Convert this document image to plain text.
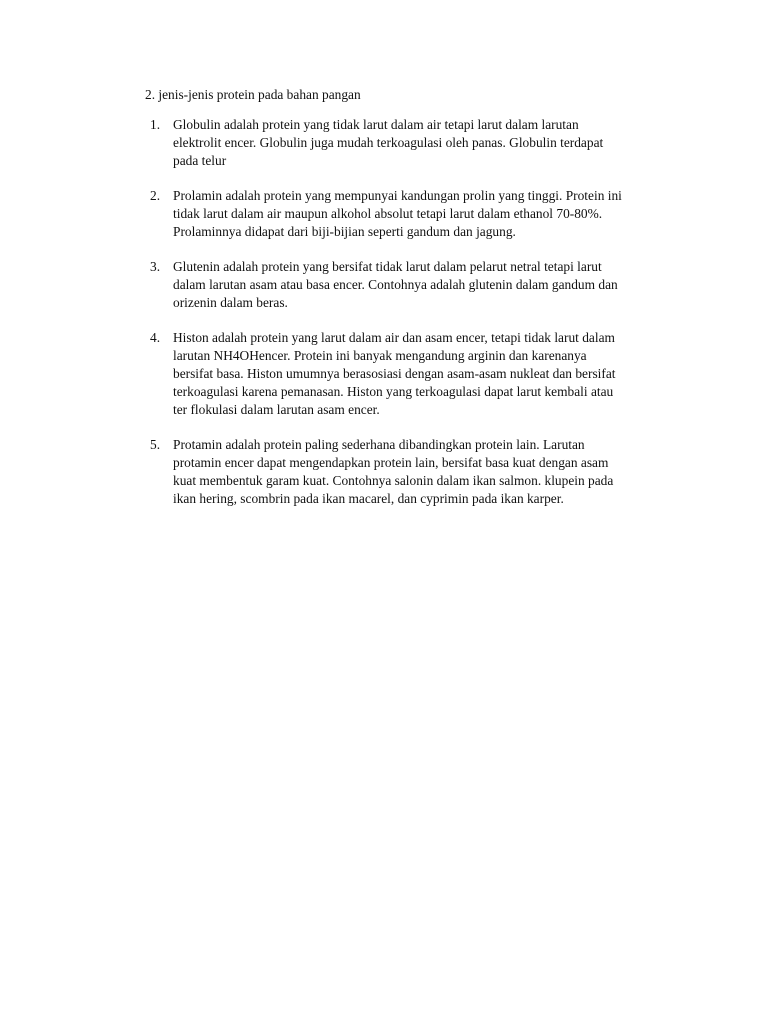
2. jenis-jenis protein pada bahan pangan
1. Globulin adalah protein yang tidak larut dalam air tetapi larut dalam larutan
elektrolit encer. Globulin juga mudah terkoagulasi oleh panas. Globulin terdapat
pada telur
2. Prolamin adalah protein yang mempunyai kandungan prolin yang tinggi. Protein ini
tidak larut dalam air maupun alkohol absolut tetapi larut dalam ethanol 70-80%.
Prolaminnya didapat dari biji-bijian seperti gandum dan jagung.
3. Glutenin adalah protein yang bersifat tidak larut dalam pelarut netral tetapi larut
dalam larutan asam atau basa encer. Contohnya adalah glutenin dalam gandum dan
orizenin dalam beras.
4. Histon adalah protein yang larut dalam air dan asam encer, tetapi tidak larut dalam
larutan NH4OHencer. Protein ini banyak mengandung arginin dan karenanya
bersifat basa. Histon umumnya berasosiasi dengan asam-asam nukleat dan bersifat
terkoagulasi karena pemanasan. Histon yang terkoagulasi dapat larut kembali atau
ter flokulasi dalam larutan asam encer.
5. Protamin adalah protein paling sederhana dibandingkan protein lain. Larutan
protamin encer dapat mengendapkan protein lain, bersifat basa kuat dengan asam
kuat membentuk garam kuat. Contohnya salonin dalam ikan salmon. klupein pada
ikan hering, scombrin pada ikan macarel, dan cyprimin pada ikan karper.
